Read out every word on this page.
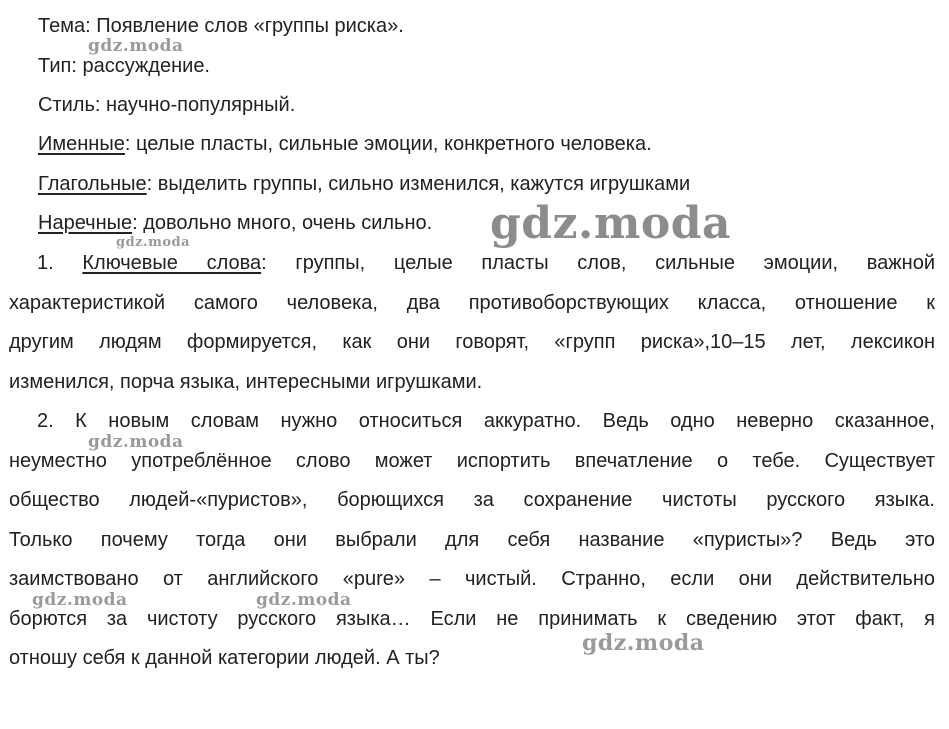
Тема: Появление слов «группы риска».
Тип: рассуждение.
Стиль: научно-популярный.
Именные: целые пласты, сильные эмоции, конкретного человека.
Глагольные: выделить группы, сильно изменился, кажутся игрушками
Наречные: довольно много, очень сильно.
1. Ключевые слова: группы, целые пласты слов, сильные эмоции, важной
характеристикой самого человека, два противоборствующих класса, отношение к
другим людям формируется, как они говорят, «групп риска»,10–15 лет, лексикон
изменился, порча языка, интересными игрушками.
2. К новым словам нужно относиться аккуратно. Ведь одно неверно сказанное,
неуместно употреблённое слово может испортить впечатление о тебе. Существует
общество людей-«пуристов», борющихся за сохранение чистоты русского языка.
Только почему тогда они выбрали для себя название «пуристы»? Ведь это
заимствовано от английского «pure» – чистый. Странно, если они действительно
борются за чистоту русского языка… Если не принимать к сведению этот факт, я
отношу себя к данной категории людей. А ты?
gdz.moda
gdz.moda
gdz.moda
gdz.moda
gdz.moda	gdz.moda
gdz.moda
